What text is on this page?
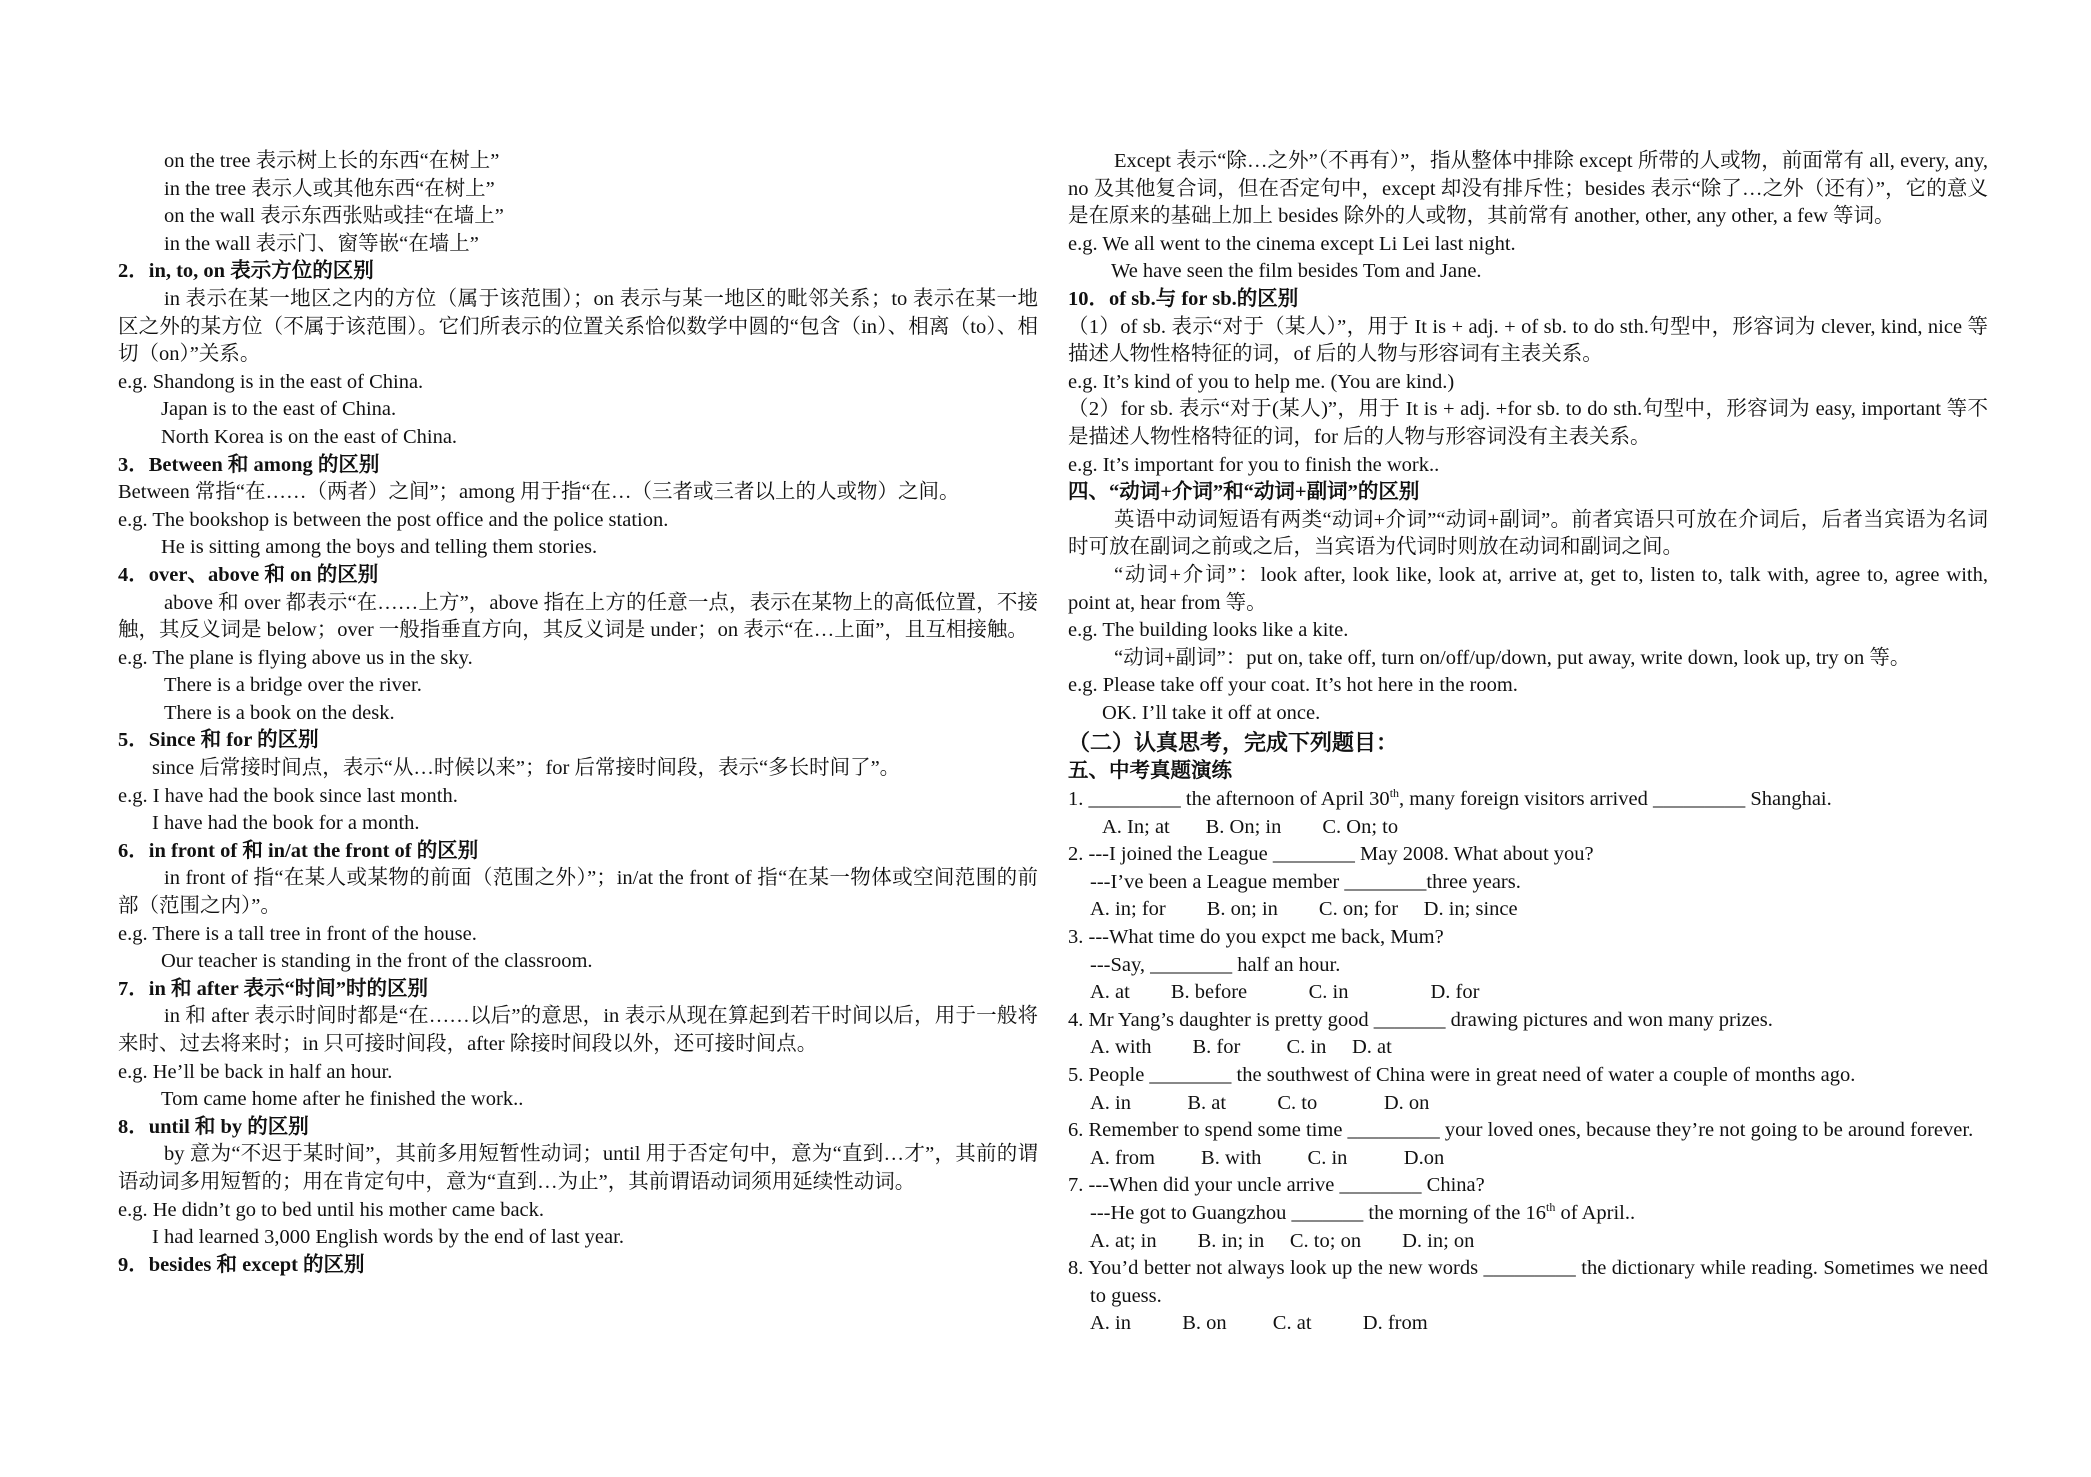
on the tree 表示树上长的东西“在树上”
in the tree 表示人或其他东西“在树上”
on the wall 表示东西张贴或挂“在墙上”
in the wall 表示门、窗等嵌“在墙上”
2．in, to, on 表示方位的区别
in 表示在某一地区之内的方位（属于该范围）；on 表示与某一地区的毗邻关系；to 表示在某一地区之外的某方位（不属于该范围）。它们所表示的位置关系恰似数学中圆的“包含（in）、相离（to）、相切（on）”关系。
e.g. Shandong is in the east of China.
Japan is to the east of China.
North Korea is on the east of China.
3．Between 和 among 的区别
Between 常指“在……（两者）之间”；among 用于指“在…（三者或三者以上的人或物）之间。
e.g. The bookshop is between the post office and the police station.
He is sitting among the boys and telling them stories.
4．over、above 和 on 的区别
above 和 over 都表示“在……上方”，above 指在上方的任意一点，表示在某物上的高低位置，不接触，其反义词是 below；over 一般指垂直方向，其反义词是 under；on 表示“在…上面”，且互相接触。
e.g. The plane is flying above us in the sky.
There is a bridge over the river.
There is a book on the desk.
5．Since 和 for 的区别
since 后常接时间点，表示“从…时候以来”；for 后常接时间段，表示“多长时间了”。
e.g. I have had the book since last month.
I have had the book for a month.
6．in front of 和 in/at the front of 的区别
in front of 指“在某人或某物的前面（范围之外）”；in/at the front of 指“在某一物体或空间范围的前部（范围之内）”。
e.g. There is a tall tree in front of the house.
Our teacher is standing in the front of the classroom.
7．in 和 after 表示“时间”时的区别
in 和 after 表示时间时都是“在……以后”的意思，in 表示从现在算起到若干时间以后，用于一般将来时、过去将来时；in 只可接时间段，after 除接时间段以外，还可接时间点。
e.g. He’ll be back in half an hour.
Tom came home after he finished the work..
8．until 和 by 的区别
by 意为“不迟于某时间”，其前多用短暂性动词；until 用于否定句中，意为“直到…才”，其前的谓语动词多用短暂的；用在肯定句中，意为“直到…为止”，其前谓语动词须用延续性动词。
e.g. He didn’t go to bed until his mother came back.
I had learned 3,000 English words by the end of last year.
9．besides 和 except 的区别
Except 表示“除…之外”（不再有）”，指从整体中排除 except 所带的人或物，前面常有 all, every, any, no 及其他复合词，但在否定句中，except 却没有排斥性；besides 表示“除了…之外（还有）”，它的意义是在原来的基础上加上 besides 除外的人或物，其前常有 another, other, any other, a few 等词。
e.g. We all went to the cinema except Li Lei last night.
We have seen the film besides Tom and Jane.
10．of sb.与 for sb.的区别
（1）of sb. 表示“对于（某人）”，用于 It is + adj. + of sb. to do sth.句型中，形容词为 clever, kind, nice 等描述人物性格特征的词，of 后的人物与形容词有主表关系。
e.g. It’s kind of you to help me. (You are kind.)
（2）for sb. 表示“对于(某人)”，用于 It is + adj. +for sb. to do sth.句型中，形容词为 easy, important 等不是描述人物性格特征的词，for 后的人物与形容词没有主表关系。
e.g. It’s important for you to finish the work..
四、“动词+介词”和“动词+副词”的区别
英语中动词短语有两类“动词+介词”“动词+副词”。前者宾语只可放在介词后，后者当宾语为名词时可放在副词之前或之后，当宾语为代词时则放在动词和副词之间。
“动词+介词”：look after, look like, look at, arrive at, get to, listen to, talk with, agree to, agree with, point at, hear from 等。
e.g. The building looks like a kite.
“动词+副词”：put on, take off, turn on/off/up/down, put away, write down, look up, try on 等。
e.g. Please take off your coat. It’s hot here in the room.
OK. I’ll take it off at once.
（二）认真思考，完成下列题目：
五、中考真题演练
1. _________ the afternoon of April 30th, many foreign visitors arrived _________ Shanghai.
A. In; at       B. On; in        C. On; to
2. ---I joined the League ________ May 2008. What about you?
---I’ve been a League member ________three years.
A. in; for        B. on; in        C. on; for     D. in; since
3. ---What time do you expct me back, Mum?
---Say, ________ half an hour.
A. at        B. before            C. in                D. for
4. Mr Yang’s daughter is pretty good _______ drawing pictures and won many prizes.
A. with        B. for         C. in     D. at
5. People ________ the southwest of China were in great need of water a couple of months ago.
A. in           B. at          C. to             D. on
6. Remember to spend some time _________ your loved ones, because they’re not going to be around forever.
A. from         B. with         C. in           D.on
7. ---When did your uncle arrive ________ China?
---He got to Guangzhou _______ the morning of the 16th of April..
A. at; in        B. in; in     C. to; on        D. in; on
8. You’d better not always look up the new words _________ the dictionary while reading. Sometimes we need to guess.
A. in          B. on         C. at          D. from
